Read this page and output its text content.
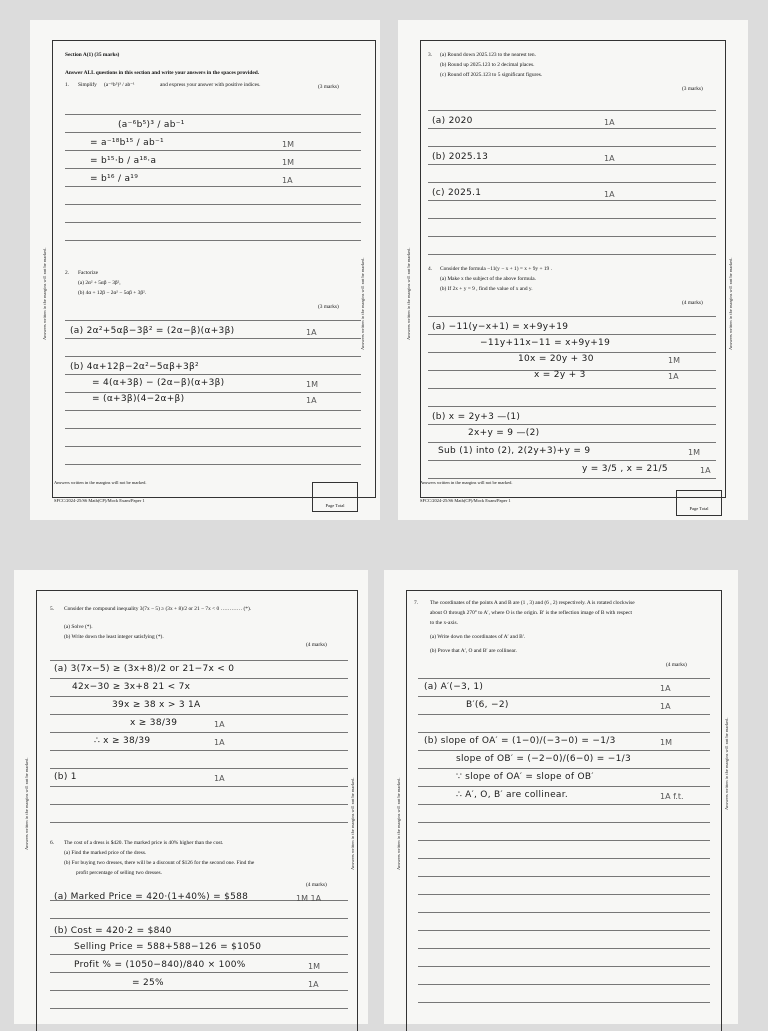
Section A(1) (35 marks)
Answer ALL questions in this section and write your answers in the spaces provided.
1. Simplify (a⁻⁶b⁵)³ / ab⁻¹	and express your answer with positive indices.	(3 marks)
(a⁻⁶b⁵)³ / ab⁻¹
= a⁻¹⁸b¹⁵ / ab⁻¹	1M
= b¹⁵·b / a¹⁸·a	1M
= b¹⁶ / a¹⁹	1A
2. Factorize
(a) 2α² + 5αβ − 3β²,
(b) 4α + 12β − 2α² − 5αβ + 3β².
(3 marks)
(a) 2α²+5αβ−3β² = (2α−β)(α+3β)	1A
(b) 4α+12β−2α²−5αβ+3β²
= 4(α+3β) − (2α−β)(α+3β)	1M
= (α+3β)(4−2α+β)	1A
Answers written in the margins will not be marked.	Answers written in the margins will not be marked.
Answers written in the margins will not be marked.
SFCC/2024-25/S6 Math(CP)/Mock Exam/Paper 1
Page Total
3. (a) Round down 2025.123 to the nearest ten.
(b) Round up 2025.123 to 2 decimal places.
(c) Round off 2025.123 to 5 significant figures.
(3 marks)
(a) 2020	1A
(b) 2025.13	1A
(c) 2025.1	1A
4. Consider the formula −11(y − x + 1) = x + 9y + 19 .
(a) Make x the subject of the above formula.
(b) If 2x + y = 9 , find the value of x and y.
(4 marks)
(a) −11(y−x+1) = x+9y+19
−11y+11x−11 = x+9y+19
10x = 20y + 30	1M
x = 2y + 3	1A
(b) x = 2y+3 —(1)
2x+y = 9 —(2)
Sub (1) into (2), 2(2y+3)+y = 9	1M
y = 3/5 , x = 21/5	1A
Answers written in the margins will not be marked.	Answers written in the margins will not be marked.
Answers written in the margins will not be marked.
SFCC/2024-25/S6 Math(CP)/Mock Exam/Paper 1
Page Total
5. Consider the compound inequality 3(7x − 5) ≥ (3x + 8)/2 or 21 − 7x < 0 ………… (*).
(a) Solve (*).
(b) Write down the least integer satisfying (*).
(4 marks)
(a) 3(7x−5) ≥ (3x+8)/2 or 21−7x < 0
42x−30 ≥ 3x+8 21 < 7x
39x ≥ 38 x > 3 1A
x ≥ 38/39	1A
∴ x ≥ 38/39	1A
(b) 1	1A
6. The cost of a dress is $420. The marked price is 40% higher than the cost.
(a) Find the marked price of the dress.
(b) For buying two dresses, there will be a discount of $126 for the second one. Find the
profit percentage of selling two dresses.
(4 marks)
(a) Marked Price = 420·(1+40%) = $588	1M 1A
(b) Cost = 420·2 = $840
Selling Price = 588+588−126 = $1050
Profit % = (1050−840)/840 × 100%	1M
= 25%	1A
Answers written in the margins will not be marked.	Answers written in the margins will not be marked.
7. The coordinates of the points A and B are (1 , 3) and (6 , 2) respectively. A is rotated clockwise
about O through 270° to A′, where O is the origin. B′ is the reflection image of B with respect
to the x-axis.
(a) Write down the coordinates of A′ and B′.
(b) Prove that A′, O and B′ are collinear.
(4 marks)
(a) A′(−3, 1)	1A
B′(6, −2)	1A
(b) slope of OA′ = (1−0)/(−3−0) = −1/3	1M
slope of OB′ = (−2−0)/(6−0) = −1/3
∵ slope of OA′ = slope of OB′
∴ A′, O, B′ are collinear.	1A f.t.
Answers written in the margins will not be marked.
Answers written in the margins will not be marked.
